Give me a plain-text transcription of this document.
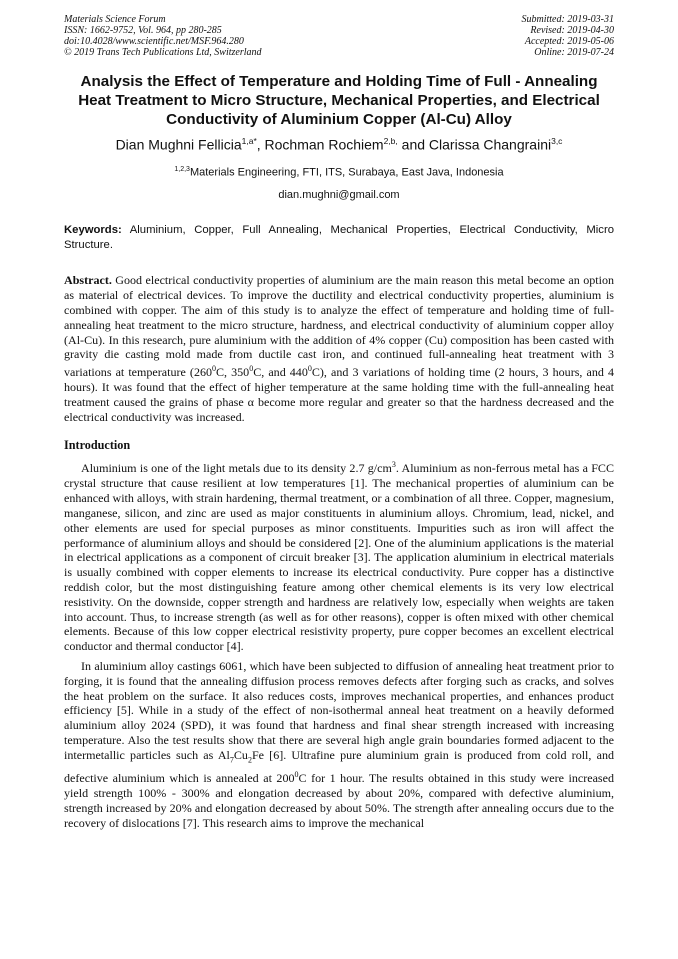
Materials Science Forum
ISSN: 1662-9752, Vol. 964, pp 280-285
doi:10.4028/www.scientific.net/MSF.964.280
© 2019 Trans Tech Publications Ltd, Switzerland
Submitted: 2019-03-31
Revised: 2019-04-30
Accepted: 2019-05-06
Online: 2019-07-24
Analysis the Effect of Temperature and Holding Time of Full - Annealing Heat Treatment to Micro Structure, Mechanical Properties, and Electrical Conductivity of Aluminium Copper (Al-Cu) Alloy
Dian Mughni Fellicia$^{1,a*}$, Rochman Rochiem$^{2,b,}$ and Clarissa Changraini$^{3,c}$
$^{1,2,3}$Materials Engineering, FTI, ITS, Surabaya, East Java, Indonesia
dian.mughni@gmail.com
Keywords: Aluminium, Copper, Full Annealing, Mechanical Properties, Electrical Conductivity, Micro Structure.
Abstract. Good electrical conductivity properties of aluminium are the main reason this metal become an option as material of electrical devices. To improve the ductility and electrical conductivity properties, aluminium is combined with copper. The aim of this study is to analyze the effect of temperature and holding time of full-annealing heat treatment to the micro structure, hardness, and electrical conductivity of aluminium copper alloy (Al-Cu). In this research, pure aluminium with the addition of 4% copper (Cu) composition has been casted with gravity die casting mold made from ductile cast iron, and continued full-annealing heat treatment with 3 variations at temperature ($260^0C$, $350^0C$, and $440^0C$), and 3 variations of holding time (2 hours, 3 hours, and 4 hours). It was found that the effect of higher temperature at the same holding time with the full-annealing heat treatment caused the grains of phase α become more regular and greater so that the hardness decreased and the electrical conductivity was increased.
Introduction
Aluminium is one of the light metals due to its density 2.7 $g/cm^3$. Aluminium as non-ferrous metal has a FCC crystal structure that cause resilient at low temperatures [1]. The mechanical properties of aluminium can be enhanced with alloys, with strain hardening, thermal treatment, or a combination of all three. Copper, magnesium, manganese, silicon, and zinc are used as major constituents in aluminium alloys. Chromium, lead, nickel, and other elements are used for special purposes as minor constituents. Impurities such as iron will affect the performance of aluminium alloys and should be considered [2]. One of the aluminium applications is the material in electrical applications as a component of circuit breaker [3]. The application aluminium in electrical materials is usually combined with copper elements to increase its electrical conductivity. Pure copper has a distinctive reddish color, but the most distinguishing feature among other chemical elements is its very low electrical resistivity. On the downside, copper strength and hardness are relatively low, especially when weights are taken into account. Thus, to increase strength (as well as for other reasons), copper is often mixed with other chemical elements. Because of this low copper electrical resistivity property, pure copper becomes an excellent electrical conductor and thermal conductor [4].
In aluminium alloy castings 6061, which have been subjected to diffusion of annealing heat treatment prior to forging, it is found that the annealing diffusion process removes defects after forging such as cracks, and solves the heat problem on the surface. It also reduces costs, improves mechanical properties, and enhances product efficiency [5]. While in a study of the effect of non-isothermal anneal heat treatment on a heavily deformed aluminium alloy 2024 (SPD), it was found that hardness and final shear strength increased with increasing temperature. Also the test results show that there are several high angle grain boundaries formed adjacent to the intermetallic particles such as $Al_7Cu_2Fe$ [6]. Ultrafine pure aluminium grain is produced from cold roll, and defective aluminium which is annealed at $200^0C$ for 1 hour. The results obtained in this study were increased yield strength 100% - 300% and elongation decreased by about 20%, compared with defective aluminium, strength increased by 20% and elongation decreased by about 50%. The strength after annealing occurs due to the recovery of dislocations [7]. This research aims to improve the mechanical
